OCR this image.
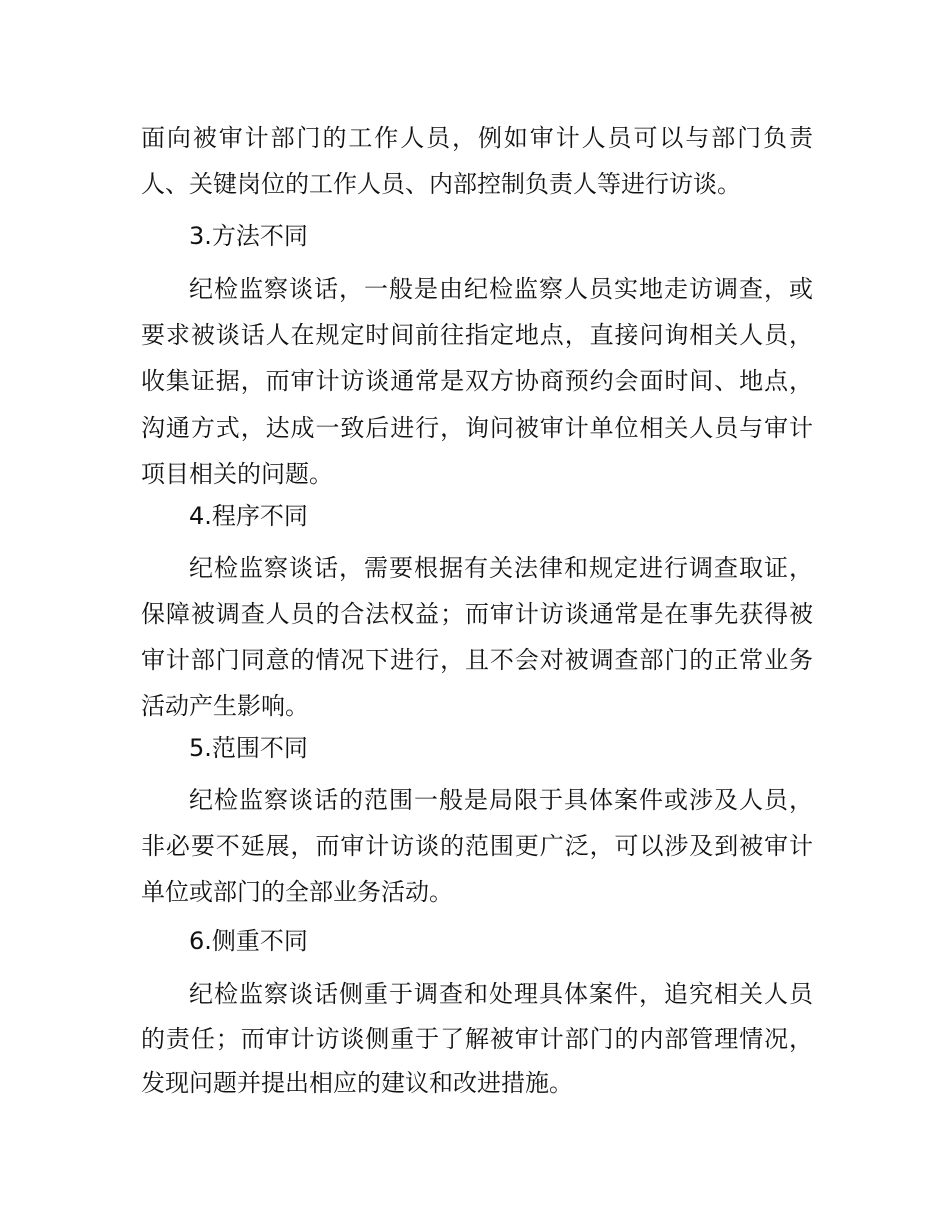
面向被审计部门的工作人员，例如审计人员可以与部门负责
人、关键岗位的工作人员、内部控制负责人等进行访谈。
3.方法不同
纪检监察谈话，一般是由纪检监察人员实地走访调查，或
要求被谈话人在规定时间前往指定地点，直接问询相关人员，
收集证据，而审计访谈通常是双方协商预约会面时间、地点，
沟通方式，达成一致后进行，询问被审计单位相关人员与审计
项目相关的问题。
4.程序不同
纪检监察谈话，需要根据有关法律和规定进行调查取证，
保障被调查人员的合法权益；而审计访谈通常是在事先获得被
审计部门同意的情况下进行，且不会对被调查部门的正常业务
活动产生影响。
5.范围不同
纪检监察谈话的范围一般是局限于具体案件或涉及人员，
非必要不延展，而审计访谈的范围更广泛，可以涉及到被审计
单位或部门的全部业务活动。
6.侧重不同
纪检监察谈话侧重于调查和处理具体案件，追究相关人员
的责任；而审计访谈侧重于了解被审计部门的内部管理情况，
发现问题并提出相应的建议和改进措施。
